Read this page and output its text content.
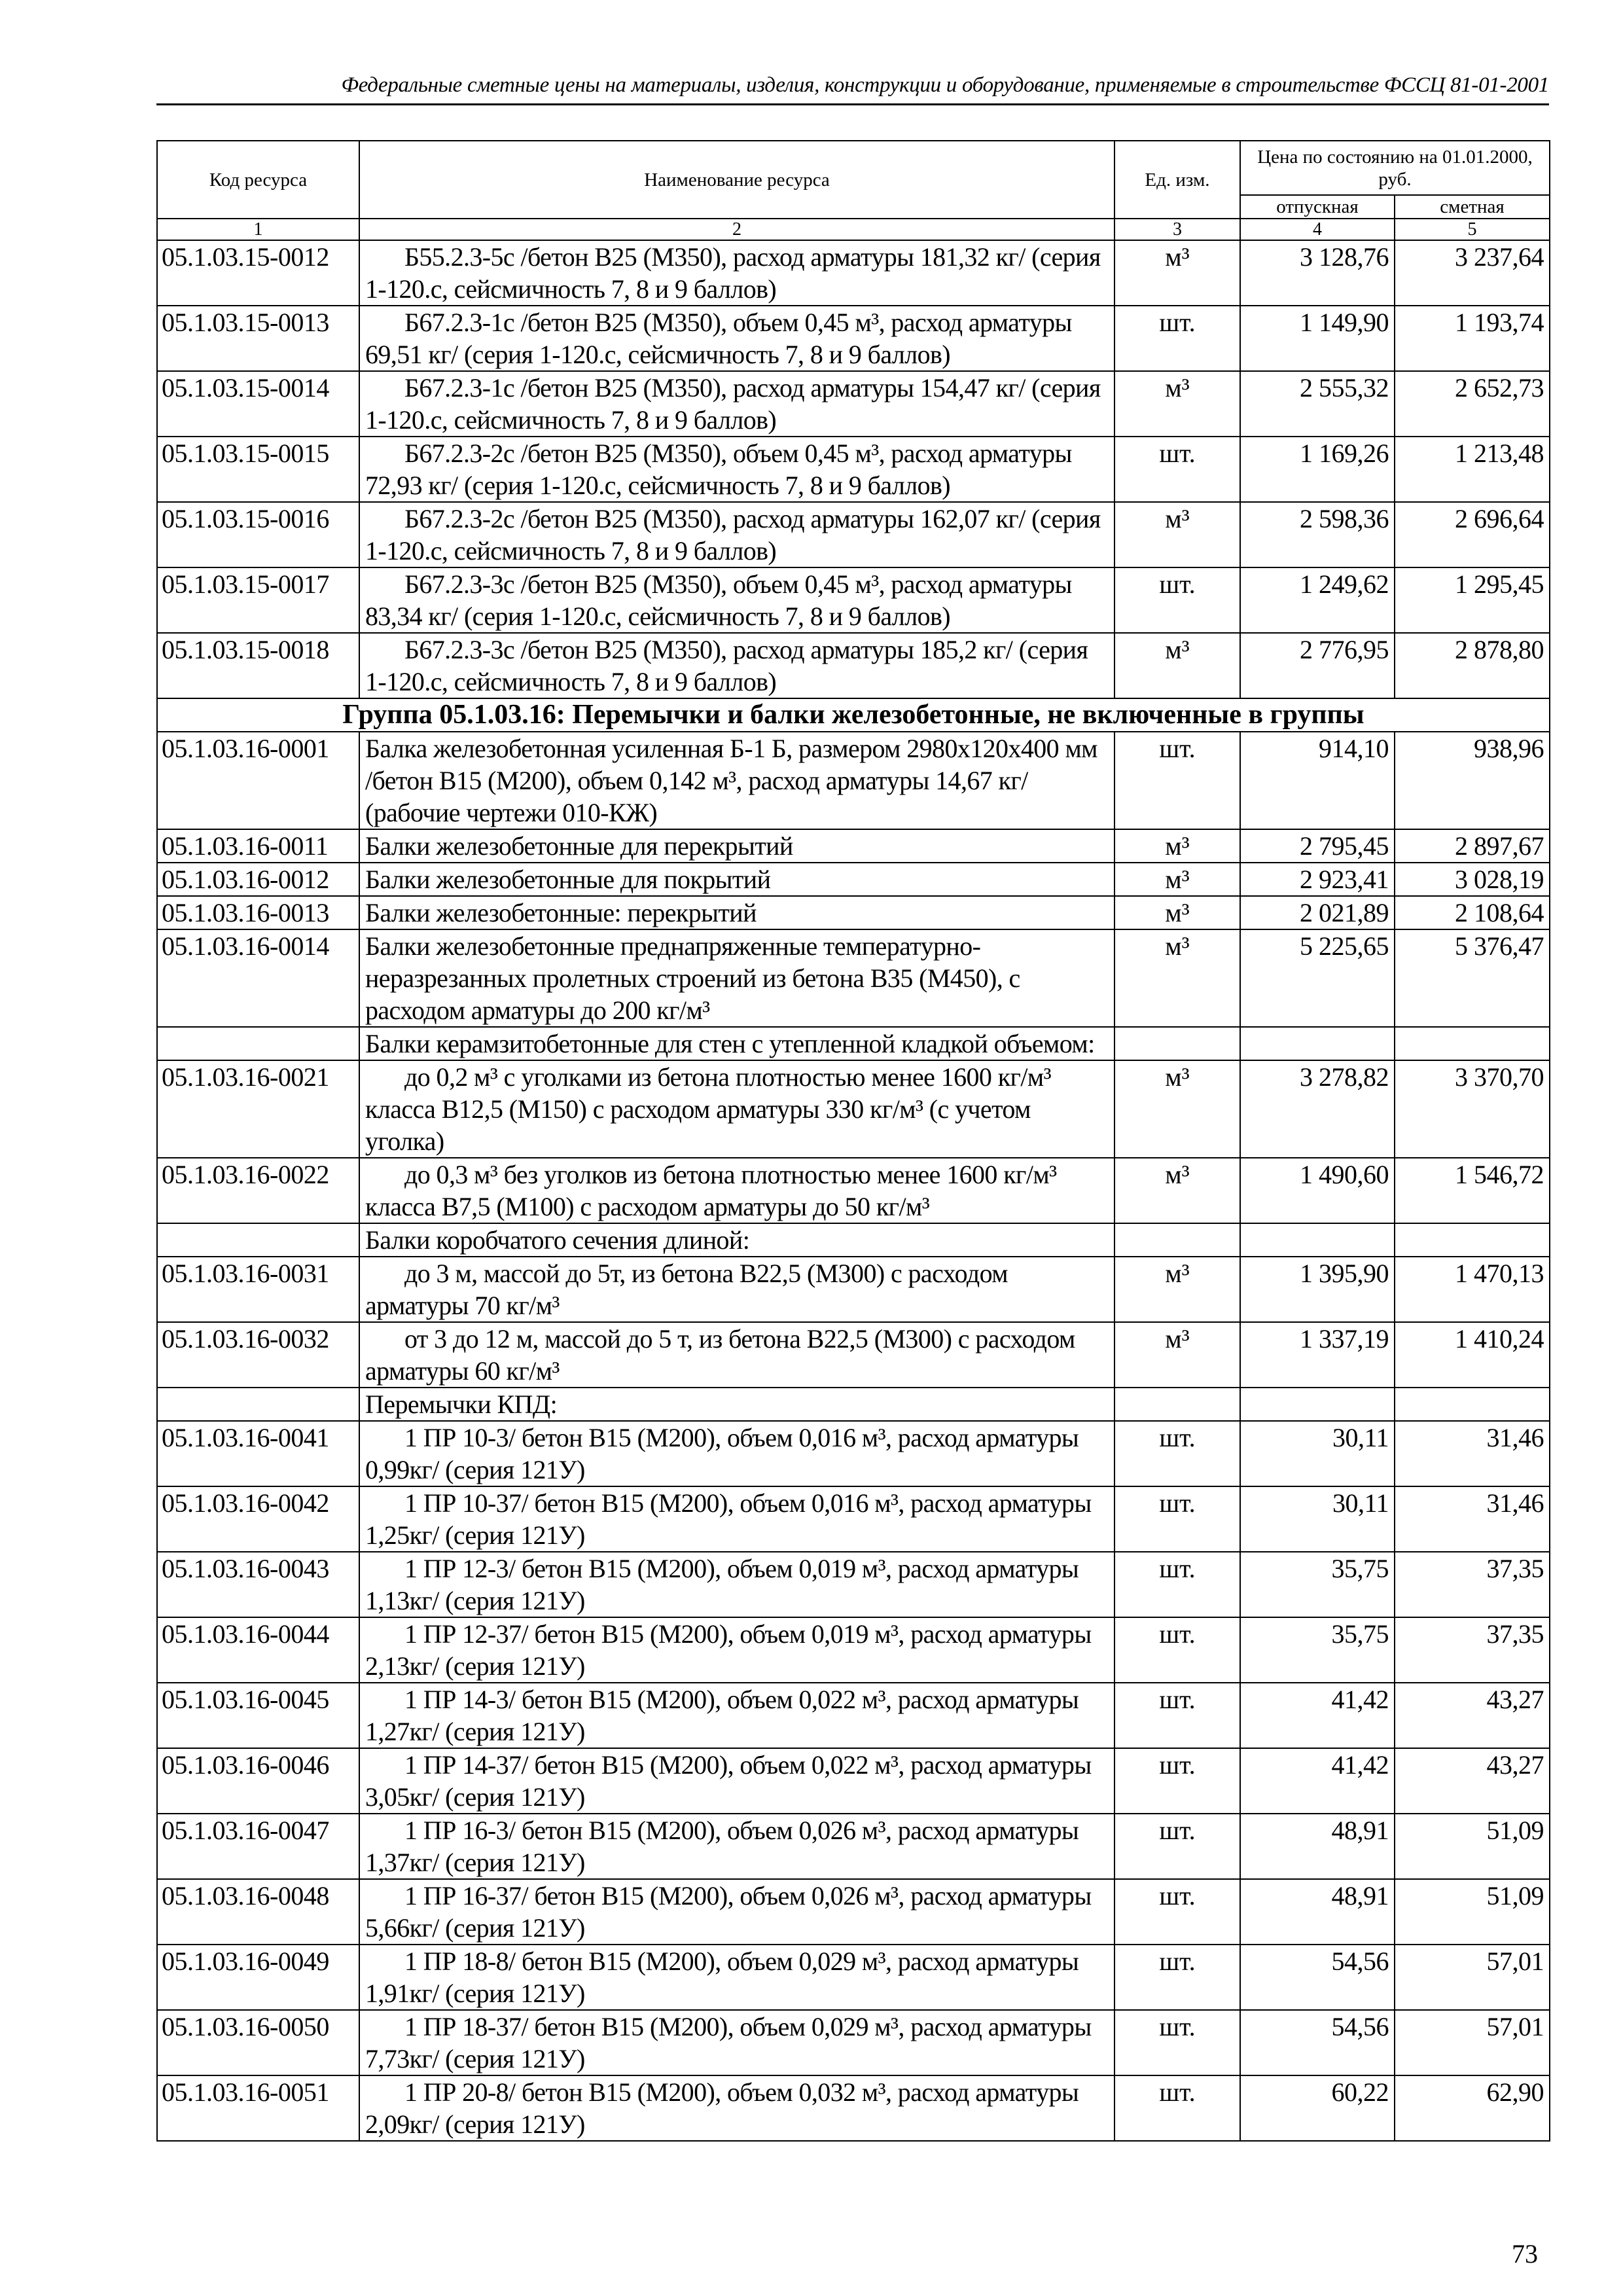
Федеральные сметные цены на материалы, изделия, конструкции и оборудование, применяемые в строительстве ФССЦ 81-01-2001
Код ресурса	Наименование ресурса	Ед. изм.	Цена по состоянию на 01.01.2000, руб.	
			отпускная	сметная
1	2	3	4	5
05.1.03.15-0012	Б55.2.3-5с /бетон В25 (М350), расход арматуры 181,32 кг/ (серия 1-120.с, сейсмичность 7, 8 и 9 баллов)	м³	3 128,76	3 237,64
05.1.03.15-0013	Б67.2.3-1с /бетон В25 (М350), объем 0,45 м³, расход арматуры 69,51 кг/ (серия 1-120.с, сейсмичность 7, 8 и 9 баллов)	шт.	1 149,90	1 193,74
05.1.03.15-0014	Б67.2.3-1с /бетон В25 (М350), расход арматуры 154,47 кг/ (серия 1-120.с, сейсмичность 7, 8 и 9 баллов)	м³	2 555,32	2 652,73
05.1.03.15-0015	Б67.2.3-2с /бетон В25 (М350), объем 0,45 м³, расход арматуры 72,93 кг/ (серия 1-120.с, сейсмичность 7, 8 и 9 баллов)	шт.	1 169,26	1 213,48
05.1.03.15-0016	Б67.2.3-2с /бетон В25 (М350), расход арматуры 162,07 кг/ (серия 1-120.с, сейсмичность 7, 8 и 9 баллов)	м³	2 598,36	2 696,64
05.1.03.15-0017	Б67.2.3-3с /бетон В25 (М350), объем 0,45 м³, расход арматуры 83,34 кг/ (серия 1-120.с, сейсмичность 7, 8 и 9 баллов)	шт.	1 249,62	1 295,45
05.1.03.15-0018	Б67.2.3-3с /бетон В25 (М350), расход арматуры 185,2 кг/ (серия 1-120.с, сейсмичность 7, 8 и 9 баллов)	м³	2 776,95	2 878,80
Группа 05.1.03.16: Перемычки и балки железобетонные, не включенные в группы				
05.1.03.16-0001	Балка железобетонная усиленная Б-1 Б, размером 2980х120х400 мм /бетон В15 (М200), объем 0,142 м³, расход арматуры 14,67 кг/ (рабочие чертежи 010-КЖ)	шт.	914,10	938,96
05.1.03.16-0011	Балки железобетонные для перекрытий	м³	2 795,45	2 897,67
05.1.03.16-0012	Балки железобетонные для покрытий	м³	2 923,41	3 028,19
05.1.03.16-0013	Балки железобетонные: перекрытий	м³	2 021,89	2 108,64
05.1.03.16-0014	Балки железобетонные преднапряженные температурно-неразрезанных пролетных строений из бетона В35 (М450), с расходом арматуры до 200 кг/м³	м³	5 225,65	5 376,47
	Балки керамзитобетонные для стен с утепленной кладкой объемом:			
05.1.03.16-0021	до 0,2 м³ с уголками из бетона плотностью менее 1600 кг/м³ класса В12,5 (М150) с расходом арматуры 330 кг/м³ (с учетом уголка)	м³	3 278,82	3 370,70
05.1.03.16-0022	до 0,3 м³ без уголков из бетона плотностью менее 1600 кг/м³ класса В7,5 (М100) с расходом арматуры до 50 кг/м³	м³	1 490,60	1 546,72
	Балки коробчатого сечения длиной:			
05.1.03.16-0031	до 3 м, массой до 5т, из бетона В22,5 (М300) с расходом арматуры 70 кг/м³	м³	1 395,90	1 470,13
05.1.03.16-0032	от 3 до 12 м, массой до 5 т, из бетона В22,5 (М300) с расходом арматуры 60 кг/м³	м³	1 337,19	1 410,24
	Перемычки КПД:			
05.1.03.16-0041	1 ПР 10-3/ бетон В15 (М200), объем 0,016 м³, расход арматуры 0,99кг/ (серия 121У)	шт.	30,11	31,46
05.1.03.16-0042	1 ПР 10-37/ бетон В15 (М200), объем 0,016 м³, расход арматуры 1,25кг/ (серия 121У)	шт.	30,11	31,46
05.1.03.16-0043	1 ПР 12-3/ бетон В15 (М200), объем 0,019 м³, расход арматуры 1,13кг/ (серия 121У)	шт.	35,75	37,35
05.1.03.16-0044	1 ПР 12-37/ бетон В15 (М200), объем 0,019 м³, расход арматуры 2,13кг/ (серия 121У)	шт.	35,75	37,35
05.1.03.16-0045	1 ПР 14-3/ бетон В15 (М200), объем 0,022 м³, расход арматуры 1,27кг/ (серия 121У)	шт.	41,42	43,27
05.1.03.16-0046	1 ПР 14-37/ бетон В15 (М200), объем 0,022 м³, расход арматуры 3,05кг/ (серия 121У)	шт.	41,42	43,27
05.1.03.16-0047	1 ПР 16-3/ бетон В15 (М200), объем 0,026 м³, расход арматуры 1,37кг/ (серия 121У)	шт.	48,91	51,09
05.1.03.16-0048	1 ПР 16-37/ бетон В15 (М200), объем 0,026 м³, расход арматуры 5,66кг/ (серия 121У)	шт.	48,91	51,09
05.1.03.16-0049	1 ПР 18-8/ бетон В15 (М200), объем 0,029 м³, расход арматуры 1,91кг/ (серия 121У)	шт.	54,56	57,01
05.1.03.16-0050	1 ПР 18-37/ бетон В15 (М200), объем 0,029 м³, расход арматуры 7,73кг/ (серия 121У)	шт.	54,56	57,01
05.1.03.16-0051	1 ПР 20-8/ бетон В15 (М200), объем 0,032 м³, расход арматуры 2,09кг/ (серия 121У)	шт.	60,22	62,90
73
